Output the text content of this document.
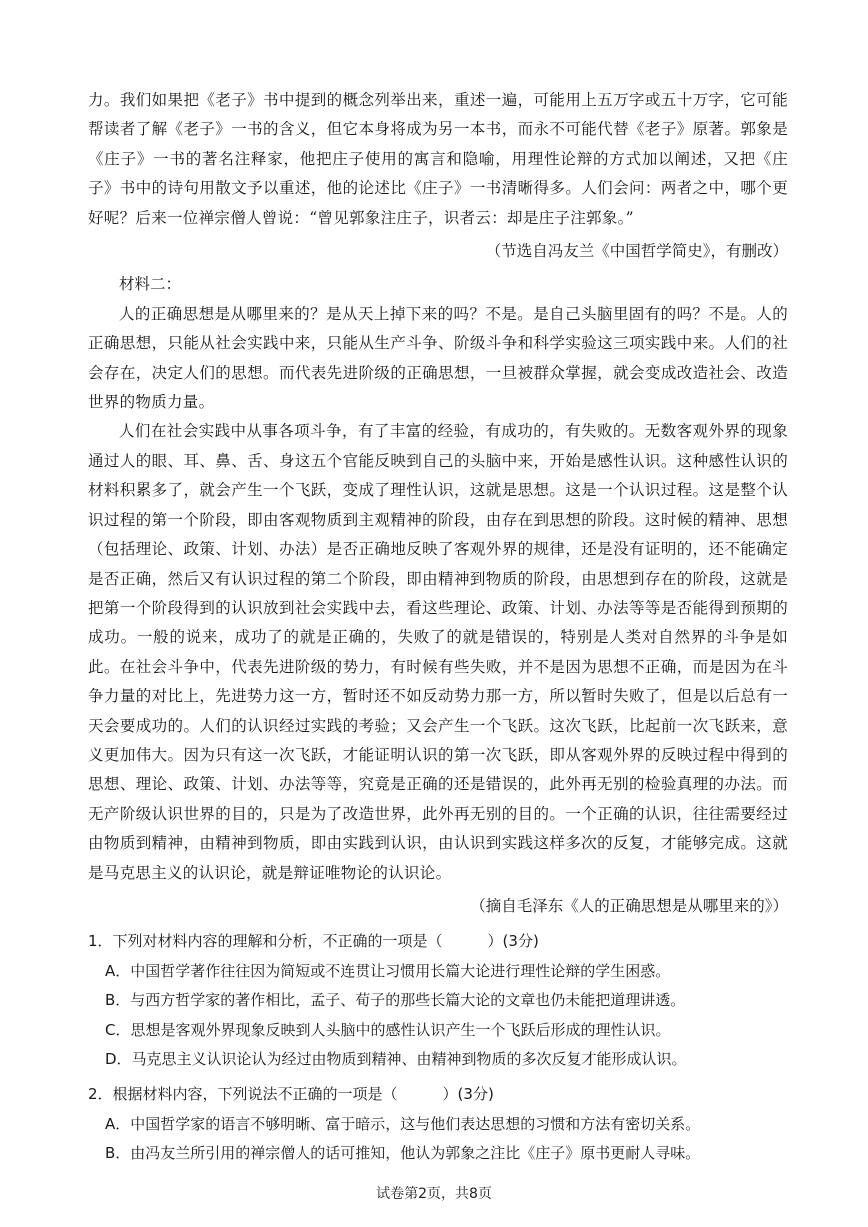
力。我们如果把《老子》书中提到的概念列举出来，重述一遍，可能用上五万字或五十万字，它可能帮读者了解《老子》一书的含义，但它本身将成为另一本书，而永不可能代替《老子》原著。郭象是《庄子》一书的著名注释家，他把庄子使用的寓言和隐喻，用理性论辩的方式加以阐述，又把《庄子》书中的诗句用散文予以重述，他的论述比《庄子》一书清晰得多。人们会问：两者之中，哪个更好呢？后来一位禅宗僧人曾说：“曾见郭象注庄子，识者云：却是庄子注郭象。”

（节选自冯友兰《中国哲学简史》，有删改）

材料二：

人的正确思想是从哪里来的？是从天上掉下来的吗？不是。是自己头脑里固有的吗？不是。人的正确思想，只能从社会实践中来，只能从生产斗争、阶级斗争和科学实验这三项实践中来。人们的社会存在，决定人们的思想。而代表先进阶级的正确思想，一旦被群众掌握，就会变成改造社会、改造世界的物质力量。

人们在社会实践中从事各项斗争，有了丰富的经验，有成功的，有失败的。无数客观外界的现象通过人的眼、耳、鼻、舌、身这五个官能反映到自己的头脑中来，开始是感性认识。这种感性认识的材料积累多了，就会产生一个飞跃，变成了理性认识，这就是思想。这是一个认识过程。这是整个认识过程的第一个阶段，即由客观物质到主观精神的阶段，由存在到思想的阶段。这时候的精神、思想（包括理论、政策、计划、办法）是否正确地反映了客观外界的规律，还是没有证明的，还不能确定是否正确，然后又有认识过程的第二个阶段，即由精神到物质的阶段，由思想到存在的阶段，这就是把第一个阶段得到的认识放到社会实践中去，看这些理论、政策、计划、办法等等是否能得到预期的成功。一般的说来，成功了的就是正确的，失败了的就是错误的，特别是人类对自然界的斗争是如此。在社会斗争中，代表先进阶级的势力，有时候有些失败，并不是因为思想不正确，而是因为在斗争力量的对比上，先进势力这一方，暂时还不如反动势力那一方，所以暂时失败了，但是以后总有一天会要成功的。人们的认识经过实践的考验；又会产生一个飞跃。这次飞跃，比起前一次飞跃来，意义更加伟大。因为只有这一次飞跃，才能证明认识的第一次飞跃，即从客观外界的反映过程中得到的思想、理论、政策、计划、办法等等，究竟是正确的还是错误的，此外再无别的检验真理的办法。而无产阶级认识世界的目的，只是为了改造世界，此外再无别的目的。一个正确的认识，往往需要经过由物质到精神，由精神到物质，即由实践到认识，由认识到实践这样多次的反复，才能够完成。这就是马克思主义的认识论，就是辩证唯物论的认识论。

（摘自毛泽东《人的正确思想是从哪里来的》）

1．下列对材料内容的理解和分析，不正确的一项是（　　　）(3分)

A．中国哲学著作往往因为简短或不连贯让习惯用长篇大论进行理性论辩的学生困惑。

B．与西方哲学家的著作相比，孟子、荀子的那些长篇大论的文章也仍未能把道理讲透。

C．思想是客观外界现象反映到人头脑中的感性认识产生一个飞跃后形成的理性认识。

D．马克思主义认识论认为经过由物质到精神、由精神到物质的多次反复才能形成认识。

2．根据材料内容，下列说法不正确的一项是（　　　）(3分)

A．中国哲学家的语言不够明晰、富于暗示，这与他们表达思想的习惯和方法有密切关系。

B．由冯友兰所引用的禅宗僧人的话可推知，他认为郭象之注比《庄子》原书更耐人寻味。

试卷第2页，共8页
